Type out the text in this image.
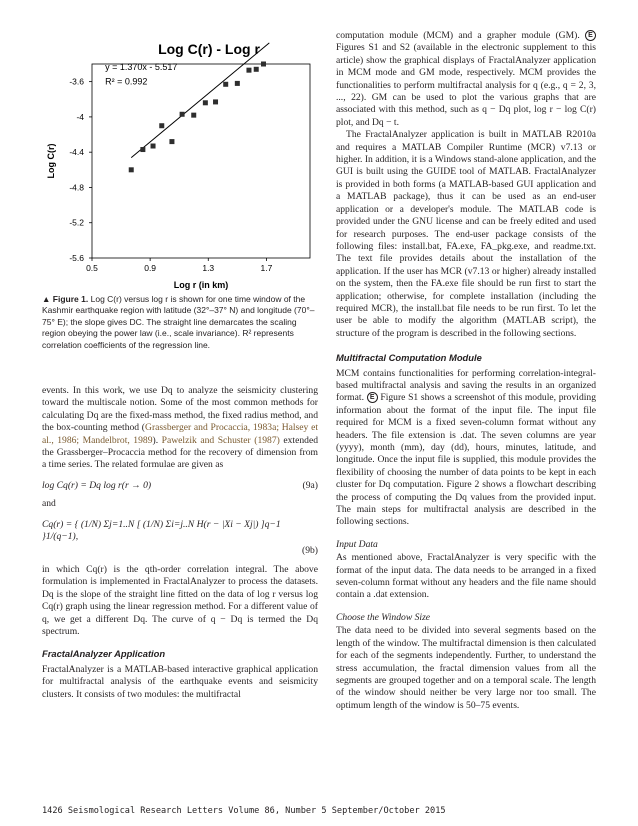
Log C(r) - Log r
Log r (in km)
Log C(r)
0.5	0.9	1.3	1.7
-5.6
-5.2
-4.8
-4.4
-4
-3.6
y = 1.370x - 5.517
R² = 0.992
▲ Figure 1. Log C(r) versus log r is shown for one time window of the Kashmir earthquake region with latitude (32°–37° N) and longitude (70°–75° E); the slope gives DC. The straight line demarcates the scaling region obeying the power law (i.e., scale invariance). R² represents correlation coefficients of the regression line.

events. In this work, we use Dq to analyze the seismicity clustering toward the multiscale notion. Some of the most common methods for calculating Dq are the fixed-mass method, the fixed radius method, and the box-counting method (Grassberger and Procaccia, 1983a; Halsey et al., 1986; Mandelbrot, 1989). Pawelzik and Schuster (1987) extended the Grassberger–Procaccia method for the recovery of dimension from a time series. The related formulae are given as

log Cq(r) = Dq log r(r → 0)	(9a)

and

Cq(r) = { (1/N) Σj=1..N [ (1/N) Σi=j..N H(r − |Xi − Xj|) ]q−1 }1/(q−1),
(9b)

in which Cq(r) is the qth-order correlation integral. The above formulation is implemented in FractalAnalyzer to process the datasets. Dq is the slope of the straight line fitted on the data of log r versus log Cq(r) graph using the linear regression method. For a different value of q, we get a different Dq. The curve of q − Dq is termed the Dq spectrum.

FractalAnalyzer Application

FractalAnalyzer is a MATLAB-based interactive graphical application for multifractal analysis of the earthquake events and seismicity clusters. It consists of two modules: the multifractal

computation module (MCM) and a grapher module (GM). E Figures S1 and S2 (available in the electronic supplement to this article) show the graphical displays of FractalAnalyzer application in MCM mode and GM mode, respectively. MCM provides the functionalities to perform multifractal analysis for q (e.g., q = 2, 3, ..., 22). GM can be used to plot the various graphs that are associated with this method, such as q − Dq plot, log r − log C(r) plot, and Dq − t.

The FractalAnalyzer application is built in MATLAB R2010a and requires a MATLAB Compiler Runtime (MCR) v7.13 or higher. In addition, it is a Windows stand-alone application, and the GUI is built using the GUIDE tool of MATLAB. FractalAnalyzer is provided in both forms (a MATLAB-based GUI application and a MATLAB package), thus it can be used as an end-user application or a developer's module. The MATLAB code is provided under the GNU license and can be freely edited and used for research purposes. The end-user package consists of the following files: install.bat, FA.exe, FA_pkg.exe, and readme.txt. The text file provides details about the installation of the application. If the user has MCR (v7.13 or higher) already installed on the system, then the FA.exe file should be run first to start the application; otherwise, for complete installation (including the required MCR), the install.bat file needs to be run first. To let the user be able to modify the algorithm (MATLAB script), the structure of the program is described in the following sections.

Multifractal Computation Module

MCM contains functionalities for performing correlation-integral-based multifractal analysis and saving the results in an organized format. E Figure S1 shows a screenshot of this module, providing information about the format of the input file. The input file required for MCM is a fixed seven-column format without any headers. The file extension is .dat. The seven columns are year (yyyy), month (mm), day (dd), hours, minutes, latitude, and longitude. Once the input file is supplied, this module provides the flexibility of choosing the number of data points to be kept in each cluster for Dq computation. Figure 2 shows a flowchart describing the process of computing the Dq values from the provided input. The main steps for multifractal analysis are described in the following sections.

Input Data

As mentioned above, FractalAnalyzer is very specific with the format of the input data. The data needs to be arranged in a fixed seven-column format without any headers and the file name should contain a .dat extension.

Choose the Window Size

The data need to be divided into several segments based on the length of the window. The multifractal dimension is then calculated for each of the segments independently. Further, to understand the stress accumulation, the fractal dimension values from all the segments are grouped together and on a temporal scale. The length of the window should neither be very large nor too small. The optimum length of the window is 50–75 events.

1426 Seismological Research Letters Volume 86, Number 5 September/October 2015
